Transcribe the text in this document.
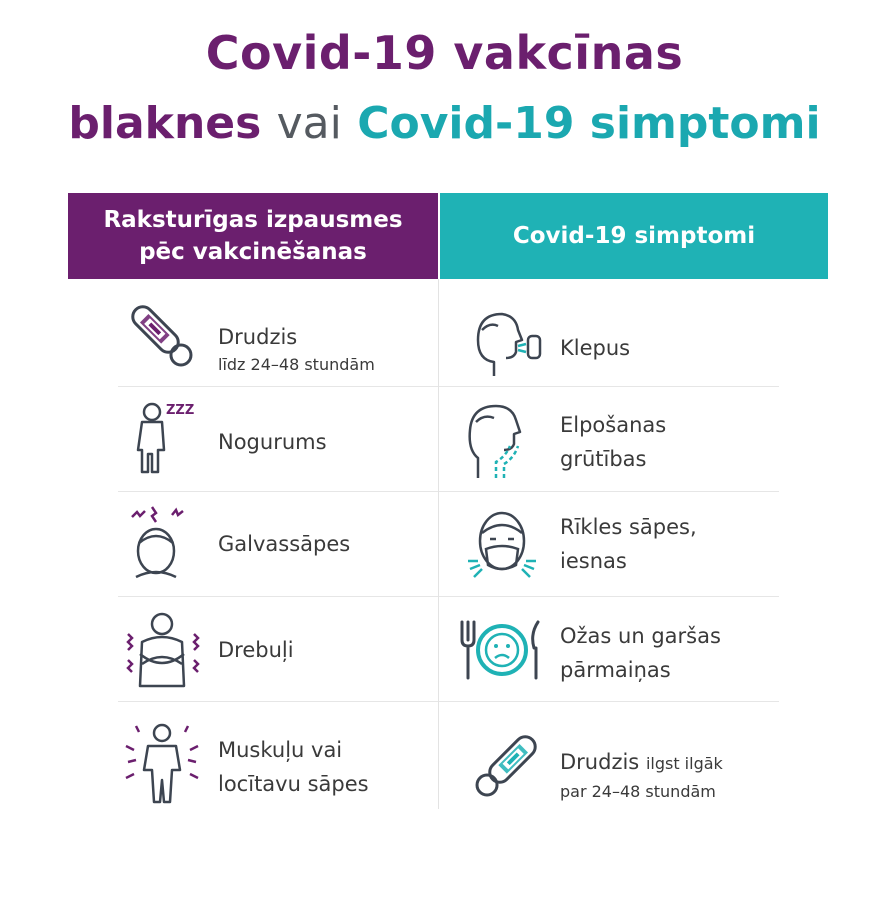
Covid-19 vakcīnas
blaknes vai Covid-19 simptomi
Raksturīgas izpausmes
pēc vakcinēšanas
Covid-19 simptomi
Drudzis
līdz 24–48 stundām
ZZZ
Nogurums
Galvassāpes
Drebuļi
Muskuļu vai
locītavu sāpes
Klepus
Elpošanas
grūtības
Rīkles sāpes,
iesnas
Ožas un garšas
pārmaiņas
Drudzis ilgst ilgāk
par 24–48 stundām
